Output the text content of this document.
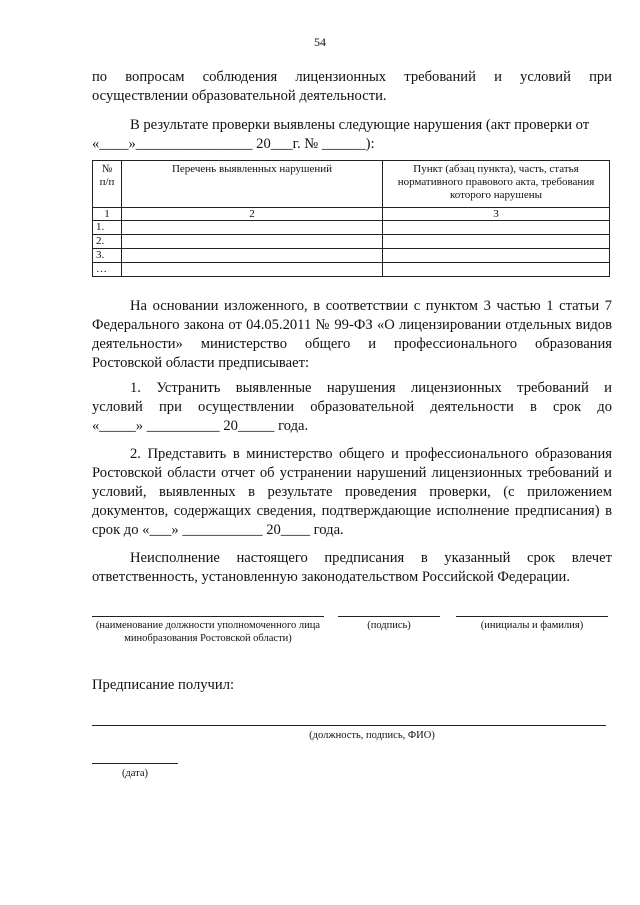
54
по вопросам соблюдения лицензионных требований и условий при
осуществлении образовательной деятельности.
В результате проверки выявлены следующие нарушения (акт проверки от
«____»________________ 20___г. № ______):
№ п/п	Перечень выявленных нарушений	Пункт (абзац пункта), часть, статья нормативного правового акта, требования которого нарушены
1	2	3
1.		
2.		
3.		
…		
На основании изложенного, в соответствии с пунктом 3 частью 1 статьи 7 Федерального закона от 04.05.2011 № 99-ФЗ «О лицензировании отдельных видов деятельности» министерство общего и профессионального образования Ростовской области предписывает:
1. Устранить выявленные нарушения лицензионных требований и
условий при осуществлении образовательной деятельности в срок до
«_____» __________ 20_____ года.
2. Представить в министерство общего и профессионального образования Ростовской области отчет об устранении нарушений лицензионных требований и условий, выявленных в результате проведения проверки, (с приложением документов, содержащих сведения, подтверждающие исполнение предписания) в срок до «___» ___________ 20____ года.
Неисполнение настоящего предписания в указанный срок влечет ответственность, установленную законодательством Российской Федерации.
(наименование должности уполномоченного лица минобразования Ростовской области)
(подпись)	(инициалы и фамилия)
Предписание получил:
(должность, подпись, ФИО)
(дата)
